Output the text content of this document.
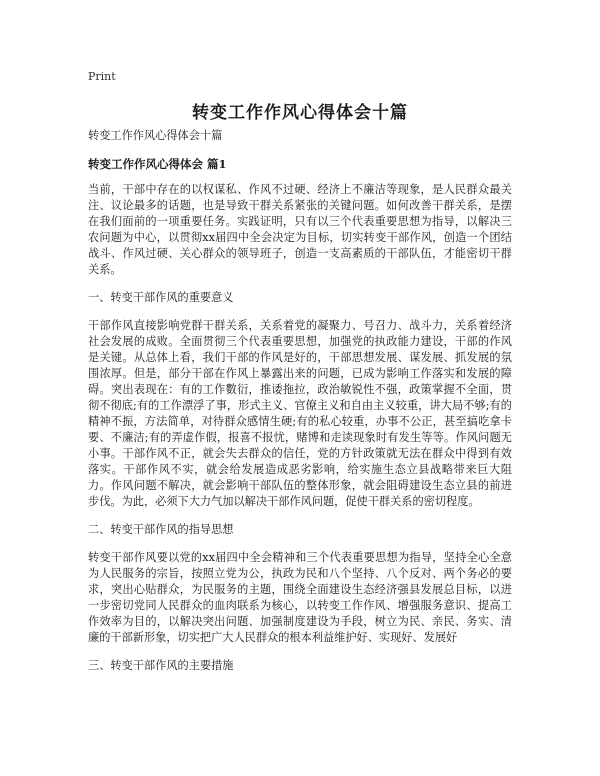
Print
转变工作作风心得体会十篇

转变工作作风心得体会十篇

转变工作作风心得体会 篇1

当前，干部中存在的以权谋私、作风不过硬、经济上不廉洁等现象，是人民群众最关注、议论最多的话题，也是导致干群关系紧张的关键问题。如何改善干群关系，是摆在我们面前的一项重要任务。实践证明，只有以三个代表重要思想为指导，以解决三农问题为中心，以贯彻xx届四中全会决定为目标，切实转变干部作风，创造一个团结战斗、作风过硬、关心群众的领导班子，创造一支高素质的干部队伍，才能密切干群关系。

一、转变干部作风的重要意义

干部作风直接影响党群干群关系，关系着党的凝聚力、号召力、战斗力，关系着经济社会发展的成败。全面贯彻三个代表重要思想，加强党的执政能力建设，干部的作风是关键。从总体上看，我们干部的作风是好的，干部思想发展、谋发展、抓发展的氛围浓厚。但是，部分干部在作风上暴露出来的问题，已成为影响工作落实和发展的障碍。突出表现在：有的工作數衍，推诿拖拉，政治敏锐性不强，政策掌握不全面，贯彻不彻底;有的工作漂浮了事，形式主义、官僚主义和自由主义较重，讲大局不够;有的精神不振，方法简单，对待群众感情生硬;有的私心较重，办事不公正，甚至搞吃拿卡要、不廉洁;有的弄虚作假，报喜不报忧，赌博和走读现象时有发生等等。作风问题无小事。干部作风不正，就会失去群众的信任，党的方针政策就无法在群众中得到有效落实。干部作风不实，就会给发展造成恶劣影响，给实施生态立县战略带来巨大阻力。作风问题不解决，就会影响干部队伍的整体形象，就会阻碍建设生态立县的前进步伐。为此，必须下大力气加以解决干部作风问题，促使干群关系的密切程度。

二、转变干部作风的指导思想

转变干部作风要以党的xx届四中全会精神和三个代表重要思想为指导，坚持全心全意为人民服务的宗旨，按照立党为公，执政为民和八个坚持、八个反对、两个务必的要求，突出心贴群众，为民服务的主题，围绕全面建设生态经济强县发展总目标，以进一步密切党同人民群众的血肉联系为核心，以转变工作作风、增强服务意识、提高工作效率为目的，以解决突出问题、加强制度建设为手段，树立为民、亲民、务实、清廉的干部新形象，切实把广大人民群众的根本利益维护好、实现好、发展好

三、转变干部作风的主要措施
